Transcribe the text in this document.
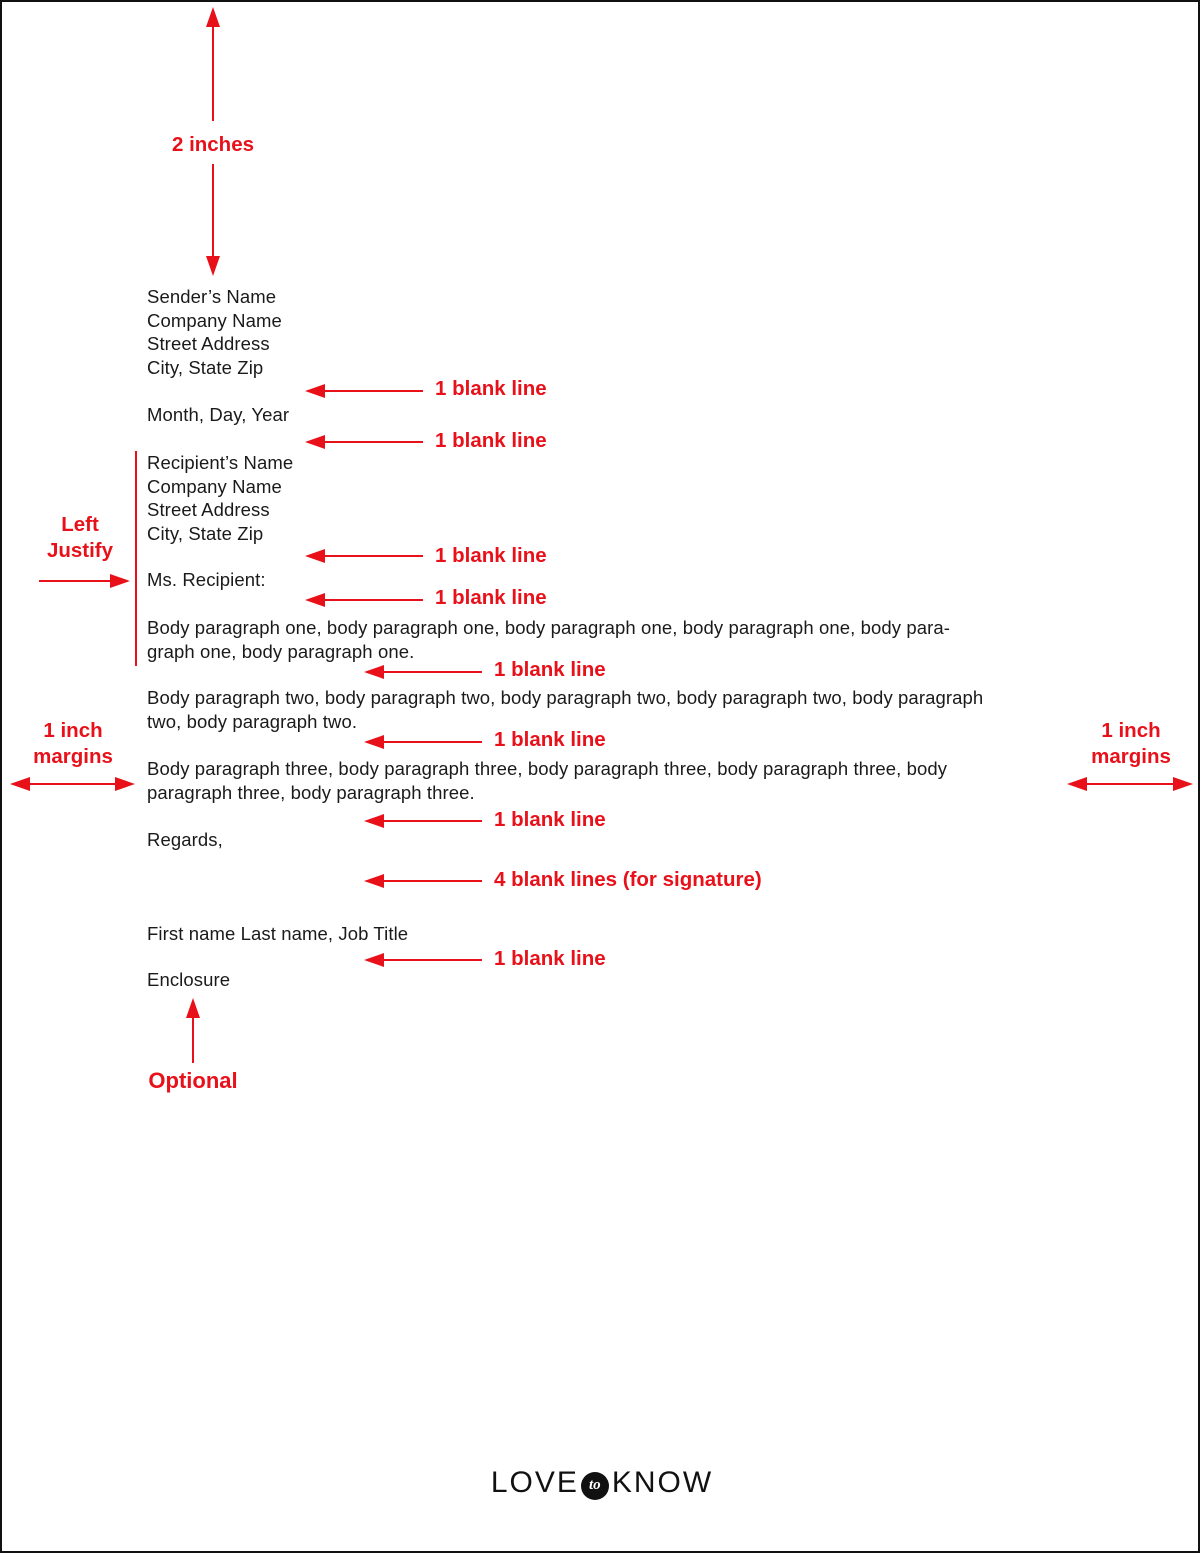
2 inches
Sender’s Name
Company Name
Street Address
City, State Zip
1 blank line
Month, Day, Year
1 blank line
Recipient’s Name
Company Name
Street Address
City, State Zip
Left
Justify	1 blank line
Ms. Recipient:
1 blank line
Body paragraph one, body paragraph one, body paragraph one, body paragraph one, body para-
graph one, body paragraph one.
1 blank line
Body paragraph two, body paragraph two, body paragraph two, body paragraph two, body paragraph
two, body paragraph two.
1 blank line
1 inch
margins
1 inch
margins
Body paragraph three, body paragraph three, body paragraph three, body paragraph three, body
paragraph three, body paragraph three.
1 blank line
Regards,
4 blank lines (for signature)
First name Last name, Job Title
1 blank line
Enclosure
Optional
LOVE to KNOW
